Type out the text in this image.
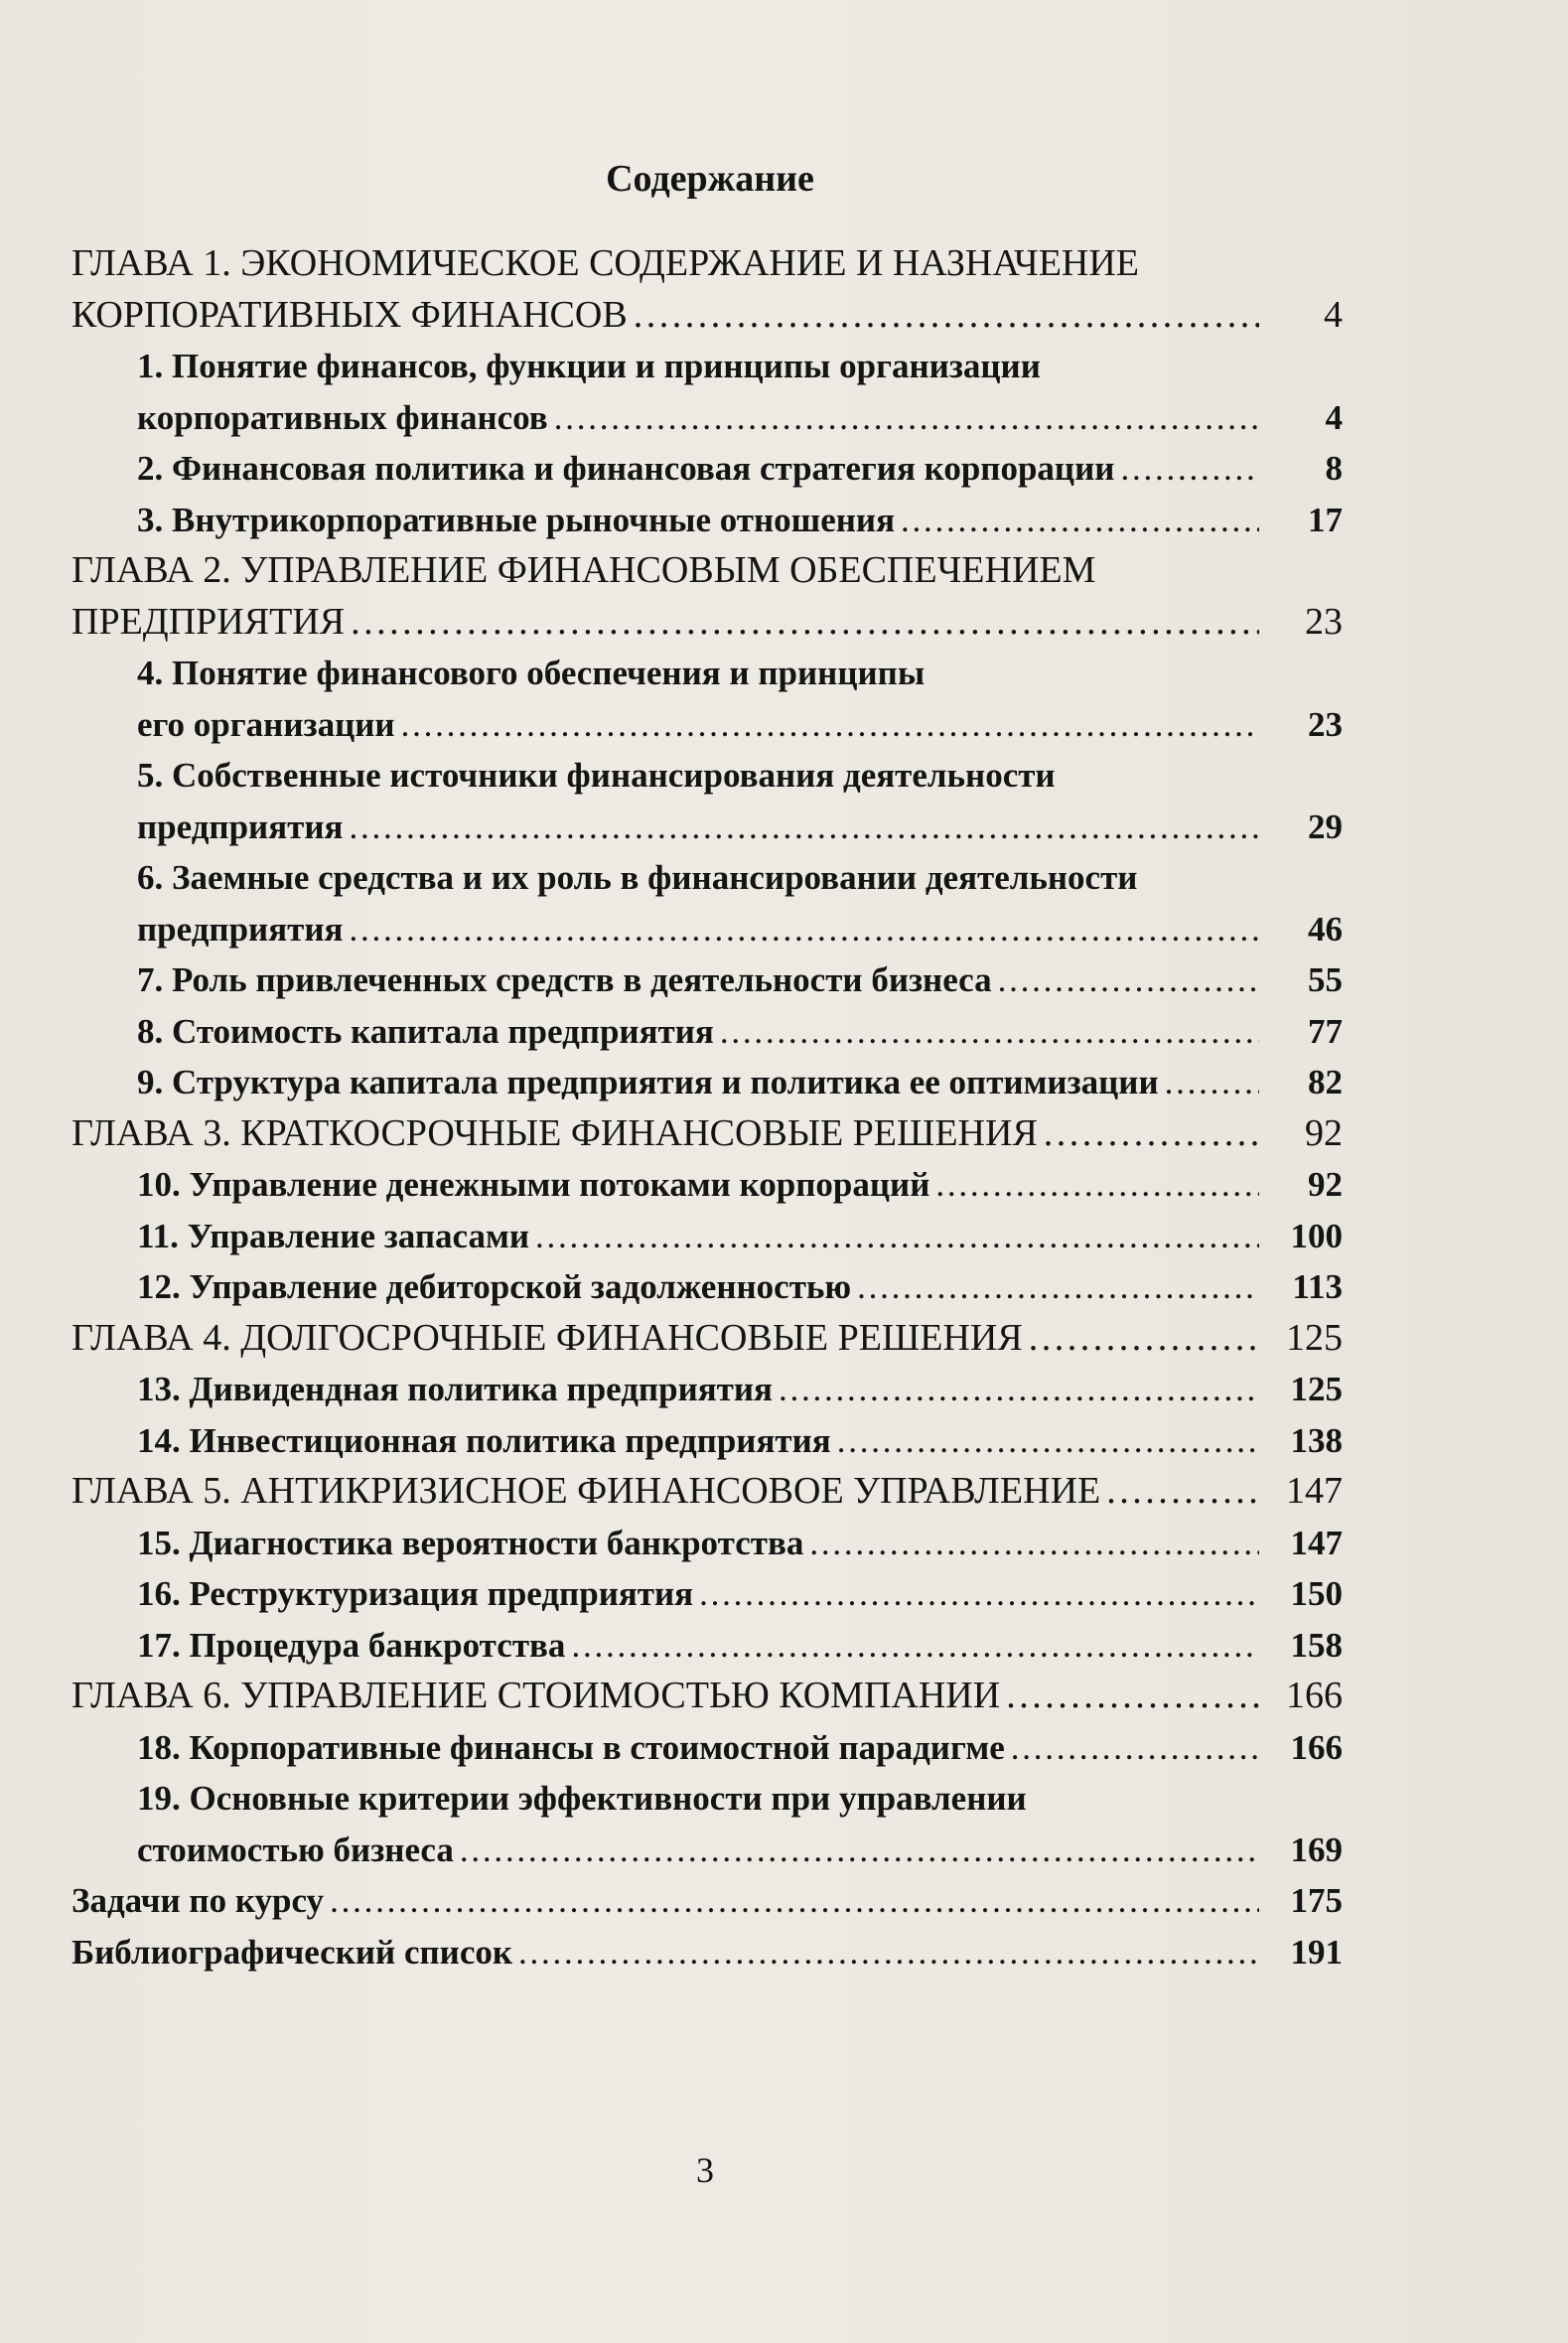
Содержание
ГЛАВА 1. ЭКОНОМИЧЕСКОЕ СОДЕРЖАНИЕ И НАЗНАЧЕНИЕ
КОРПОРАТИВНЫХ ФИНАНСОВ . . .	4
1. Понятие финансов, функции и принципы организации
корпоративных финансов . . .	4
2. Финансовая политика и финансовая стратегия корпорации . . .	8
3. Внутрикорпоративные рыночные отношения . . .	17
ГЛАВА 2. УПРАВЛЕНИЕ ФИНАНСОВЫМ ОБЕСПЕЧЕНИЕМ
ПРЕДПРИЯТИЯ . . .	23
4. Понятие финансового обеспечения и принципы
его организации . . .	23
5. Собственные источники финансирования деятельности
предприятия . . .	29
6. Заемные средства и их роль в финансировании деятельности
предприятия . . .	46
7. Роль привлеченных средств в деятельности бизнеса . . .	55
8. Стоимость капитала предприятия . . .	77
9. Структура капитала предприятия и политика ее оптимизации . . .	82
ГЛАВА 3. КРАТКОСРОЧНЫЕ ФИНАНСОВЫЕ РЕШЕНИЯ . . .	92
10. Управление денежными потоками корпораций . . .	92
11. Управление запасами . . .	100
12. Управление дебиторской задолженностью . . .	113
ГЛАВА 4. ДОЛГОСРОЧНЫЕ ФИНАНСОВЫЕ РЕШЕНИЯ . . .	125
13. Дивидендная политика предприятия . . .	125
14. Инвестиционная политика предприятия . . .	138
ГЛАВА 5. АНТИКРИЗИСНОЕ ФИНАНСОВОЕ УПРАВЛЕНИЕ . . .	147
15. Диагностика вероятности банкротства . . .	147
16. Реструктуризация предприятия . . .	150
17. Процедура банкротства . . .	158
ГЛАВА 6. УПРАВЛЕНИЕ СТОИМОСТЬЮ КОМПАНИИ . . .	166
18. Корпоративные финансы в стоимостной парадигме . . .	166
19. Основные критерии эффективности при управлении
стоимостью бизнеса . . .	169
Задачи по курсу . . .	175
Библиографический список . . .	191
3
